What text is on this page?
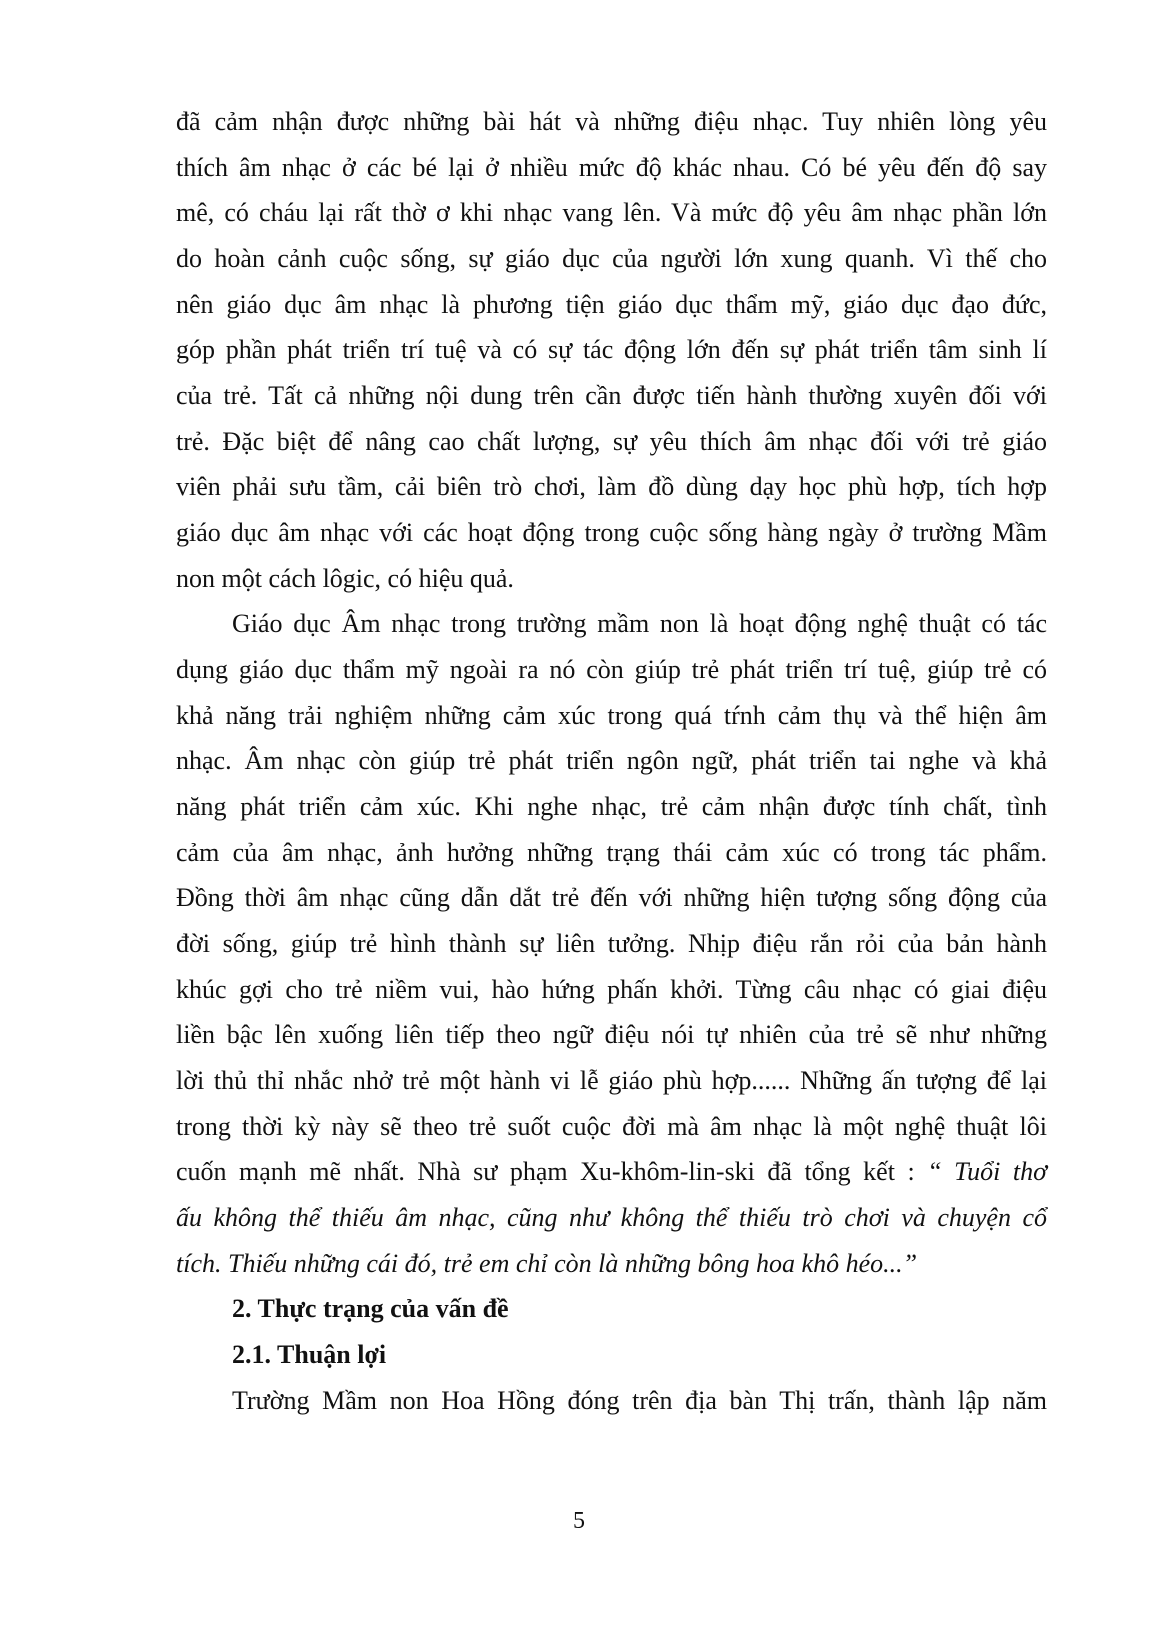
đã cảm nhận được những bài hát và những điệu nhạc. Tuy nhiên lòng yêu
thích âm nhạc ở các bé lại ở nhiều mức độ khác nhau. Có bé yêu đến độ say
mê, có cháu lại rất thờ ơ khi nhạc vang lên. Và mức độ yêu âm nhạc phần lớn
do hoàn cảnh cuộc sống, sự giáo dục của người lớn xung quanh. Vì thế cho
nên giáo dục âm nhạc là phương tiện giáo dục thẩm mỹ, giáo dục đạo đức,
góp phần phát triển trí tuệ và có sự tác động lớn đến sự phát triển tâm sinh lí
của trẻ. Tất cả những nội dung trên cần được tiến hành thường xuyên đối với
trẻ. Đặc biệt để nâng cao chất lượng, sự yêu thích âm nhạc đối với trẻ giáo
viên phải sưu tầm, cải biên trò chơi, làm đồ dùng dạy học phù hợp, tích hợp
giáo dục âm nhạc với các hoạt động trong cuộc sống hàng ngày ở trường Mầm
non một cách lôgic, có hiệu quả.
Giáo dục Âm nhạc trong trường mầm non là hoạt động nghệ thuật có tác
dụng giáo dục thẩm mỹ ngoài ra nó còn giúp trẻ phát triển trí tuệ, giúp trẻ có
khả năng trải nghiệm những cảm xúc trong quá tŕnh cảm thụ và thể hiện âm
nhạc. Âm nhạc còn giúp trẻ phát triển ngôn ngữ, phát triển tai nghe và khả
năng phát triển cảm xúc. Khi nghe nhạc, trẻ cảm nhận được tính chất, tình
cảm của âm nhạc, ảnh hưởng những trạng thái cảm xúc có trong tác phẩm.
Đồng thời âm nhạc cũng dẫn dắt trẻ đến với những hiện tượng sống động của
đời sống, giúp trẻ hình thành sự liên tưởng. Nhịp điệu rắn rỏi của bản hành
khúc gợi cho trẻ niềm vui, hào hứng phấn khởi. Từng câu nhạc có giai điệu
liền bậc lên xuống liên tiếp theo ngữ điệu nói tự nhiên của trẻ sẽ như những
lời thủ thỉ nhắc nhở trẻ một hành vi lễ giáo phù hợp...... Những ấn tượng để lại
trong thời kỳ này sẽ theo trẻ suốt cuộc đời mà âm nhạc là một nghệ thuật lôi
cuốn mạnh mẽ nhất. Nhà sư phạm Xu-khôm-lin-ski đã tổng kết : “ Tuổi thơ
ấu không thể thiếu âm nhạc, cũng như không thể thiếu trò chơi và chuyện cổ
tích. Thiếu những cái đó, trẻ em chỉ còn là những bông hoa khô héo...”
2. Thực trạng của vấn đề
2.1. Thuận lợi
Trường Mầm non Hoa Hồng đóng trên địa bàn Thị trấn, thành lập năm
5
